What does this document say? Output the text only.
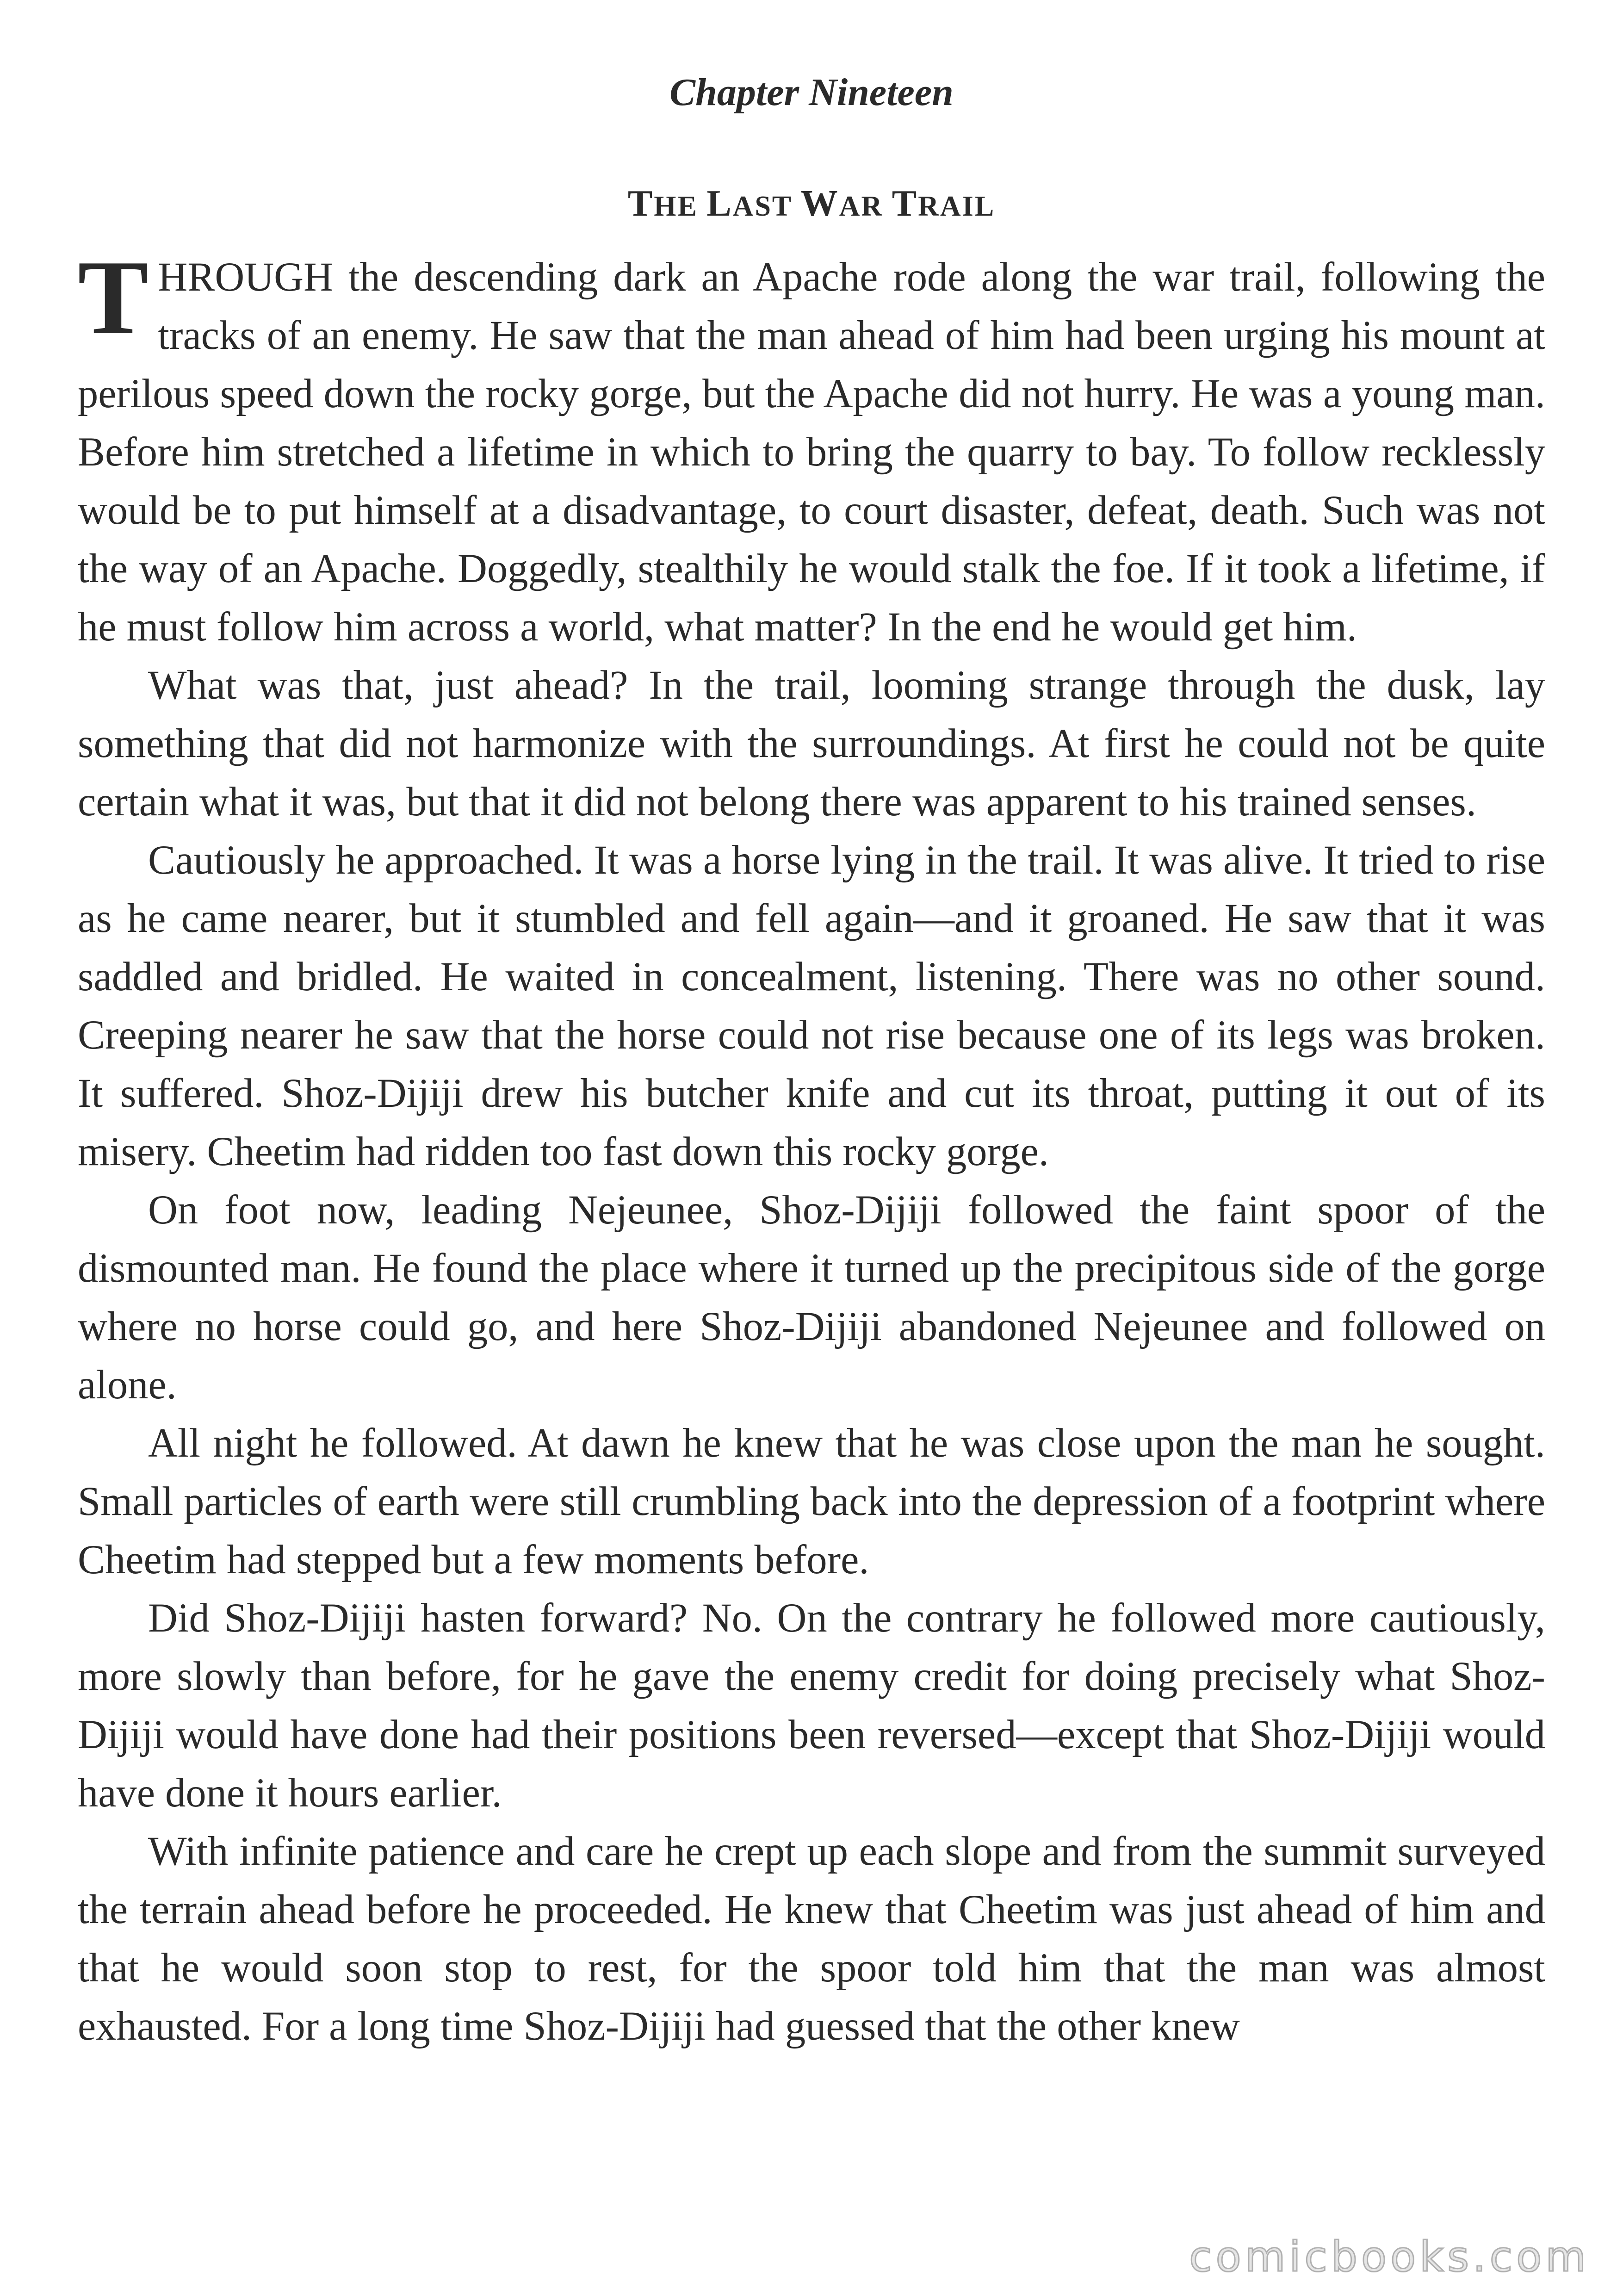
Chapter Nineteen
THE LAST WAR TRAIL

THROUGH the descending dark an Apache rode along the war trail, following the tracks of an enemy. He saw that the man ahead of him had been urging his mount at perilous speed down the rocky gorge, but the Apache did not hurry. He was a young man. Before him stretched a lifetime in which to bring the quarry to bay. To follow recklessly would be to put himself at a disadvantage, to court disaster, defeat, death. Such was not the way of an Apache. Doggedly, stealthily he would stalk the foe. If it took a lifetime, if he must follow him across a world, what matter? In the end he would get him.

What was that, just ahead? In the trail, looming strange through the dusk, lay something that did not harmonize with the surroundings. At first he could not be quite certain what it was, but that it did not belong there was apparent to his trained senses.

Cautiously he approached. It was a horse lying in the trail. It was alive. It tried to rise as he came nearer, but it stumbled and fell again—and it groaned. He saw that it was saddled and bridled. He waited in concealment, listening. There was no other sound. Creeping nearer he saw that the horse could not rise because one of its legs was broken. It suffered. Shoz-Dijiji drew his butcher knife and cut its throat, putting it out of its misery. Cheetim had ridden too fast down this rocky gorge.

On foot now, leading Nejeunee, Shoz-Dijiji followed the faint spoor of the dismounted man. He found the place where it turned up the precipitous side of the gorge where no horse could go, and here Shoz-Dijiji abandoned Nejeunee and followed on alone.

All night he followed. At dawn he knew that he was close upon the man he sought. Small particles of earth were still crumbling back into the depression of a footprint where Cheetim had stepped but a few moments before.

Did Shoz-Dijiji hasten forward? No. On the contrary he followed more cautiously, more slowly than before, for he gave the enemy credit for doing precisely what Shoz-Dijiji would have done had their positions been reversed—except that Shoz-Dijiji would have done it hours earlier.

With infinite patience and care he crept up each slope and from the summit surveyed the terrain ahead before he proceeded. He knew that Cheetim was just ahead of him and that he would soon stop to rest, for the spoor told him that the man was almost exhausted. For a long time Shoz-Dijiji had guessed that the other knew

comicbooks.com
